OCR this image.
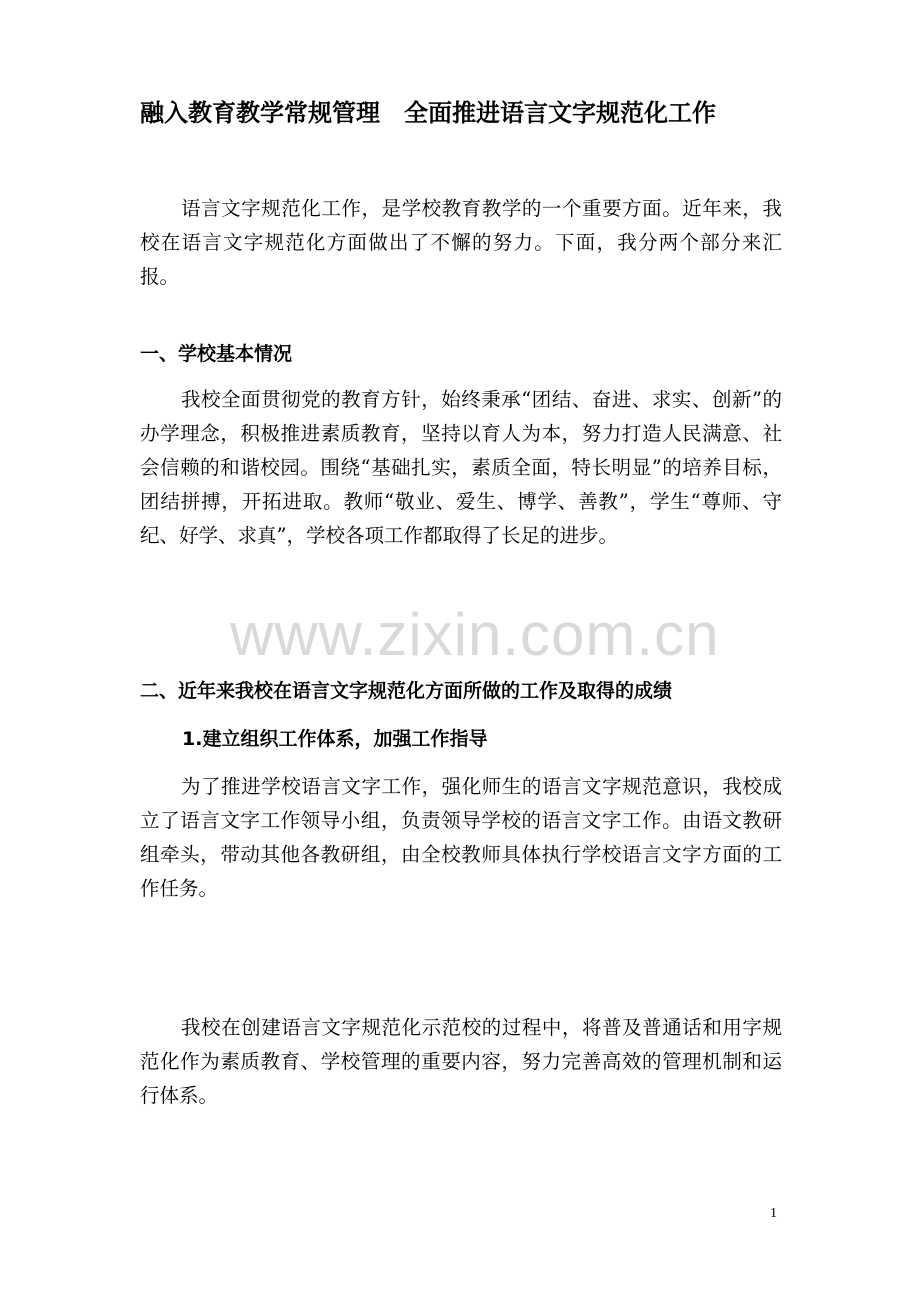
融入教育教学常规管理　全面推进语言文字规范化工作

语言文字规范化工作，是学校教育教学的一个重要方面。近年来，我校在语言文字规范化方面做出了不懈的努力。下面，我分两个部分来汇报。

一、学校基本情况

我校全面贯彻党的教育方针，始终秉承“团结、奋进、求实、创新”的办学理念，积极推进素质教育，坚持以育人为本，努力打造人民满意、社会信赖的和谐校园。围绕“基础扎实，素质全面，特长明显”的培养目标，团结拼搏，开拓进取。教师“敬业、爱生、博学、善教”，学生“尊师、守纪、好学、求真”，学校各项工作都取得了长足的进步。

二、近年来我校在语言文字规范化方面所做的工作及取得的成绩
1.建立组织工作体系，加强工作指导

为了推进学校语言文字工作，强化师生的语言文字规范意识，我校成立了语言文字工作领导小组，负责领导学校的语言文字工作。由语文教研组牵头，带动其他各教研组，由全校教师具体执行学校语言文字方面的工作任务。

我校在创建语言文字规范化示范校的过程中，将普及普通话和用字规范化作为素质教育、学校管理的重要内容，努力完善高效的管理机制和运行体系。

www.zixin.com.cn
1
